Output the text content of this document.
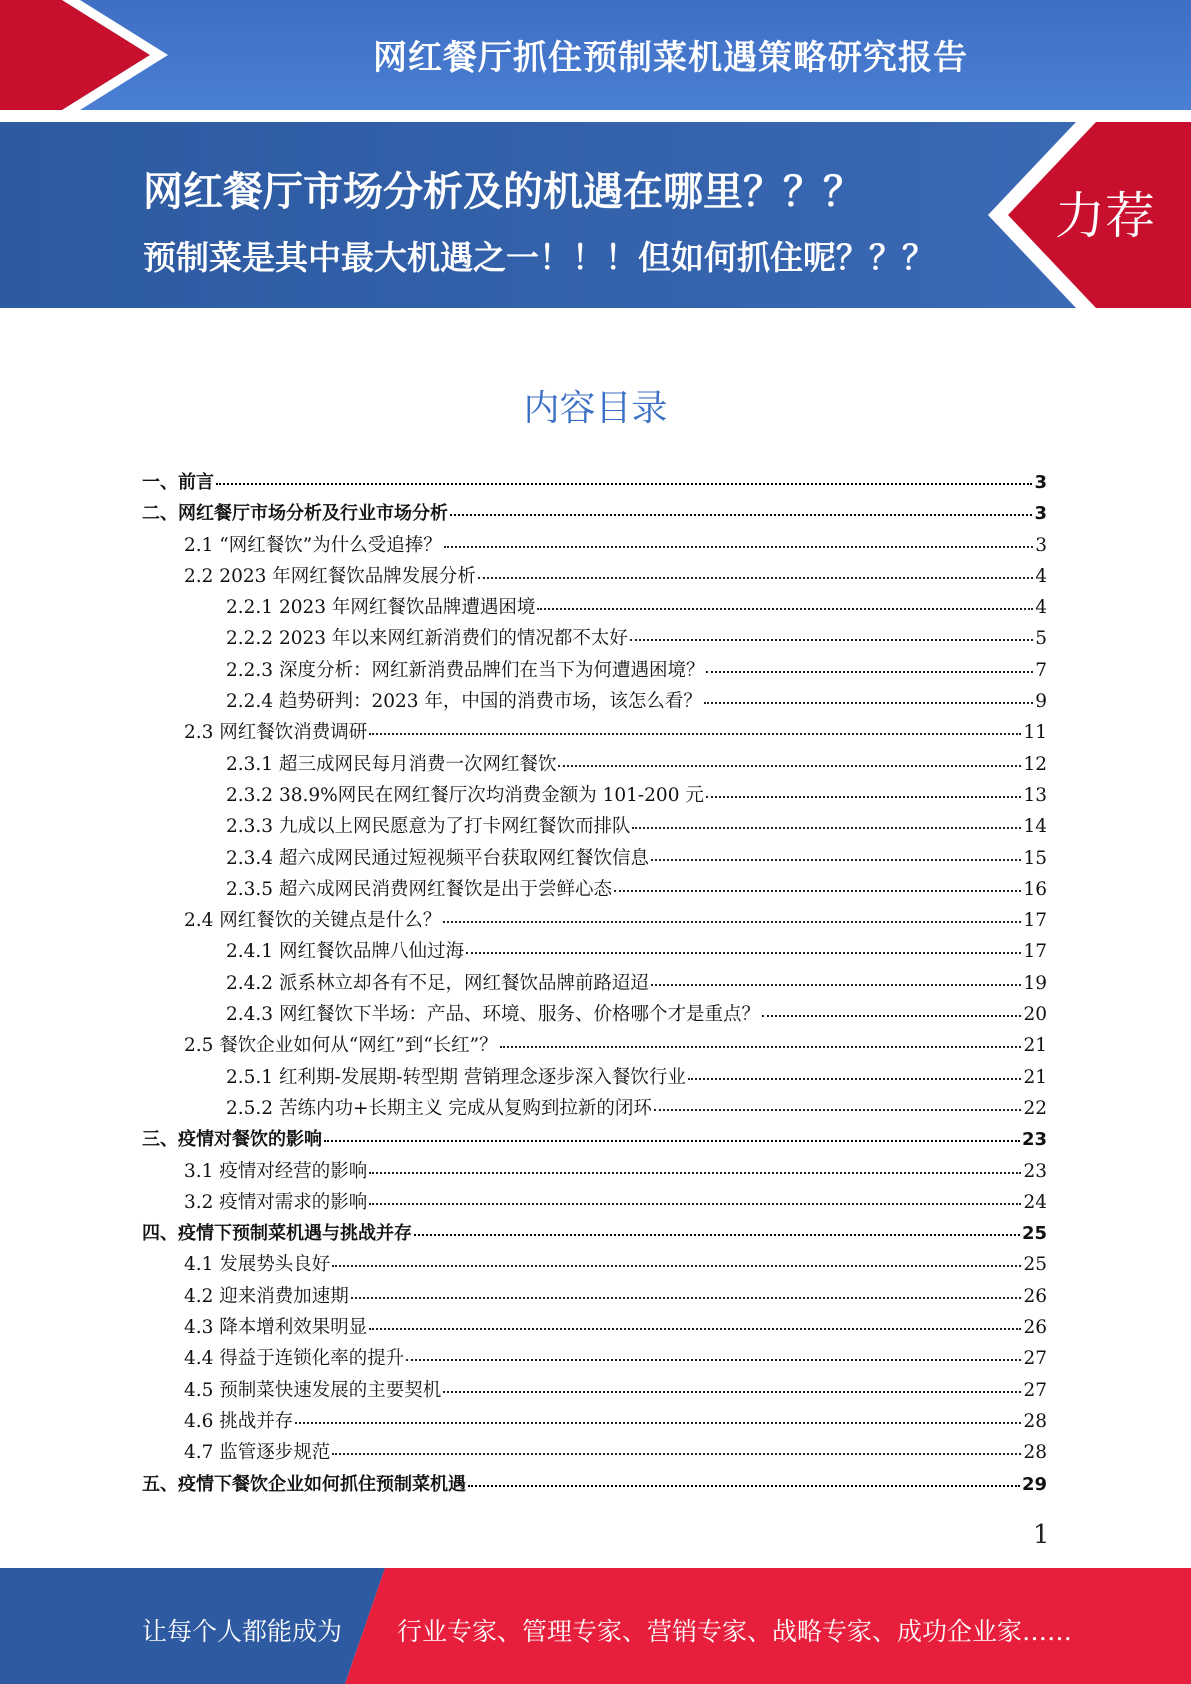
网红餐厅抓住预制菜机遇策略研究报告
网红餐厅市场分析及的机遇在哪里？？？
预制菜是其中最大机遇之一！！！但如何抓住呢？？？
力荐
内容目录
一、前言	3
二、网红餐厅市场分析及行业市场分析	3
2.1 “网红餐饮”为什么受追捧？	3
2.2 2023 年网红餐饮品牌发展分析	4
2.2.1 2023 年网红餐饮品牌遭遇困境	4
2.2.2 2023 年以来网红新消费们的情况都不太好	5
2.2.3 深度分析：网红新消费品牌们在当下为何遭遇困境？	7
2.2.4 趋势研判：2023 年，中国的消费市场，该怎么看？	9
2.3 网红餐饮消费调研	11
2.3.1 超三成网民每月消费一次网红餐饮	12
2.3.2 38.9%网民在网红餐厅次均消费金额为 101-200 元	13
2.3.3 九成以上网民愿意为了打卡网红餐饮而排队	14
2.3.4 超六成网民通过短视频平台获取网红餐饮信息	15
2.3.5 超六成网民消费网红餐饮是出于尝鲜心态	16
2.4 网红餐饮的关键点是什么？	17
2.4.1 网红餐饮品牌八仙过海	17
2.4.2 派系林立却各有不足，网红餐饮品牌前路迢迢	19
2.4.3 网红餐饮下半场：产品、环境、服务、价格哪个才是重点？	20
2.5 餐饮企业如何从“网红”到“长红”？	21
2.5.1 红利期-发展期-转型期 营销理念逐步深入餐饮行业	21
2.5.2 苦练内功+长期主义 完成从复购到拉新的闭环	22
三、疫情对餐饮的影响	23
3.1 疫情对经营的影响	23
3.2 疫情对需求的影响	24
四、疫情下预制菜机遇与挑战并存	25
4.1 发展势头良好	25
4.2 迎来消费加速期	26
4.3 降本增利效果明显	26
4.4 得益于连锁化率的提升	27
4.5 预制菜快速发展的主要契机	27
4.6 挑战并存	28
4.7 监管逐步规范	28
五、疫情下餐饮企业如何抓住预制菜机遇	29
1
让每个人都能成为 行业专家、管理专家、营销专家、战略专家、成功企业家……
